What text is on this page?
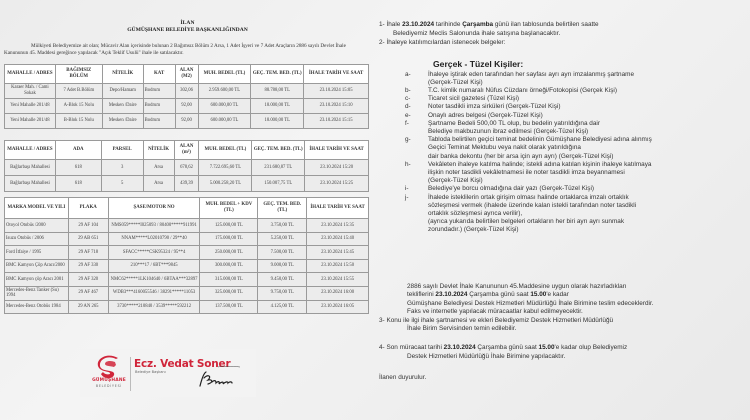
İLAN
GÜMÜŞHANE BELEDİYE BAŞKANLIĞINDAN
Mülkiyeti Belediyemize ait olan; Mücavir Alan içerisinde bulunan 2 Bağımsız Bölüm 2 Arsa, 1 Adet İşyeri ve 7 Adet Araçların 2886 sayılı Devlet İhale Kanununun 45. Maddesi gereğince yapılacak "Açık Teklif Usulü" ihale ile satılacaktır.
MAHALLE / ADRES	BAĞIMSIZ BÖLÜM	NİTELİK	KAT	ALAN (M2)	MUH. BEDEL (TL)	GEÇ. TEM. BED. (TL)	İHALE TARİH VE SAAT
Karaer Mah. / Cami Sokak	7 Adet B.Bölüm	Depo/Hamam	Bodrum	302,06	2.959.600,00 TL	88.788,00 TL	23.10.2024 15:05
Yeni Mahalle 201/48	A-Blok 15 Nolu	Mesken /Daire	Bodrum	92,00	600.000,00 TL	18.000,00 TL	23.10.2024 15:10
Yeni Mahalle 201/48	B-Blok 15 Nolu	Mesken /Daire	Bodrum	92,00	600.000,00 TL	18.000,00 TL	23.10.2024 15:15
MAHALLE / ADRES	ADA	PARSEL	NİTELİK	ALAN (m²)	MUH. BEDEL (TL)	GEÇ. TEM. BED. (TL)	İHALE TARİH VE SAAT
Bağlarbaşı Mahallesi	618	3	Arsa	678,62	7.722.695,60 TL	231.680,87 TL	23.10.2024 15:20
Bağlarbaşı Mahallesi	618	5	Arsa	439,39	5.000.258,20 TL	150.007,75 TL	23.10.2024 15:25
MARKA MODEL VE YILI	PLAKA	ŞASE/MOTOR NO	MUH. BEDEL + KDV (TL)	GEÇ. TEM. BED. (TL)	İHALE TARİH VE SAAT
Otoyol Otobüs /2000	29 AF 104	NMS059*****I025093 / 80400*****911991	125.000,00 TL	3.750,00 TL	23.10.2024 15:35
Isuzu Otobüs / 2006	29 AB 651	NNAM*****L02010790 / 29**40	175.000,00 TL	5.250,00 TL	23.10.2024 15:40
Ford İtfaiye / 1995	29 AF 718	SFACC*****CSK95324 / 95**4	250.000,00 TL	7.500,00 TL	23.10.2024 15:45
BMC Kamyon Çöp Aracı/2000	29 AF 330	210***17 / 6BT***9845	300.000,00 TL	9.000,00 TL	23.10.2024 15:50
BMC Kamyon çöp Aracı 2001	29 AF 320	NMC62*****1LK104640 / 6BTAA***32897	315.000,00 TL	9.450,00 TL	23.10.2024 15:55
Mercedes-Benz Tanker (Su) 1994	29 AF 467	WDB3***4160055546 / 38291*****11053	325.000,00 TL	9.750,00 TL	23.10.2024 16:00
Mercedes-Benz Otobüs 1984	29 AN 265	3730*****210840 / 3539*****592212	137.500,00 TL	4.125,00 TL	23.10.2024 16:05
GÜMÜŞHANE
BELEDİYESİ
Ecz. Vedat Soner
Belediye Başkanı
1- İhale 23.10.2024 tarihinde Çarşamba günü ilan tablosunda belirtilen saatte
Belediyemiz Meclis Salonunda ihale satışına başlanacaktır.
2- İhaleye katılımcılardan istenecek belgeler:
Gerçek - Tüzel Kişiler:
a-	İhaleye iştirak eden tarafından her sayfası ayrı ayrı imzalanmış şartname
(Gerçek-Tüzel Kişi)
b-	T.C. kimlik numaralı Nüfus Cüzdanı örneği/Fotokopisi (Gerçek Kişi)
c-	Ticaret sicil gazetesi (Tüzel Kişi)
d-	Noter tasdikli imza sirküleri (Gerçek-Tüzel Kişi)
e-	Onaylı adres belgesi (Gerçek-Tüzel Kişi)
f-	Şartname Bedeli 500,00 TL olup, bu bedelin yatırıldığına dair
Belediye makbuzunun ibraz edilmesi (Gerçek-Tüzel Kişi)
g-	Tabloda belirtilen geçici teminat bedelinin Gümüşhane Belediyesi adına alınmış
Geçici Teminat Mektubu veya nakit olarak yatırıldığına
dair banka dekontu (her bir arsa için ayrı ayrı) (Gerçek-Tüzel Kişi)
h-	Vekâleten ihaleye katılma halinde; istekli adına katılan kişinin ihaleye katılmaya
ilişkin noter tasdikli vekâletnamesi ile noter tasdikli imza beyannamesi
(Gerçek-Tüzel Kişi)
i-	Belediye'ye borcu olmadığına dair yazı (Gerçek-Tüzel Kişi)
j-	İhalede isteklilerin ortak girişim olması halinde ortaklarca imzalı ortaklık
sözleşmesi vermek (ihalede üzerinde kalan istekli tarafından noter tasdikli
ortaklık sözleşmesi ayrıca verilir),
(ayrıca yukarıda belirtilen belgeleri ortakların her biri ayrı ayrı sunmak
zorundadır.) (Gerçek-Tüzel Kişi)
2886 sayılı Devlet İhale Kanununun 45.Maddesine uygun olarak hazırladıkları
tekliflerini 23.10.2024 Çarşamba günü saat 15.00'e kadar
Gümüşhane Belediyesi Destek Hizmetleri Müdürlüğü İhale Birimine teslim edeceklerdir.
Faks ve internetle yapılacak müracaatlar kabul edilmeyecektir.
3- Konu ile ilgi ihale şartnamesi ve ekleri Belediyemiz Destek Hizmetleri Müdürlüğü
İhale Birim Servisinden temin edilebilir.
4- Son müracaat tarihi 23.10.2024 Çarşamba günü saat 15.00'e kadar olup Belediyemiz
Destek Hizmetleri Müdürlüğü İhale Birimine yapılacaktır.
İlanen duyurulur.
